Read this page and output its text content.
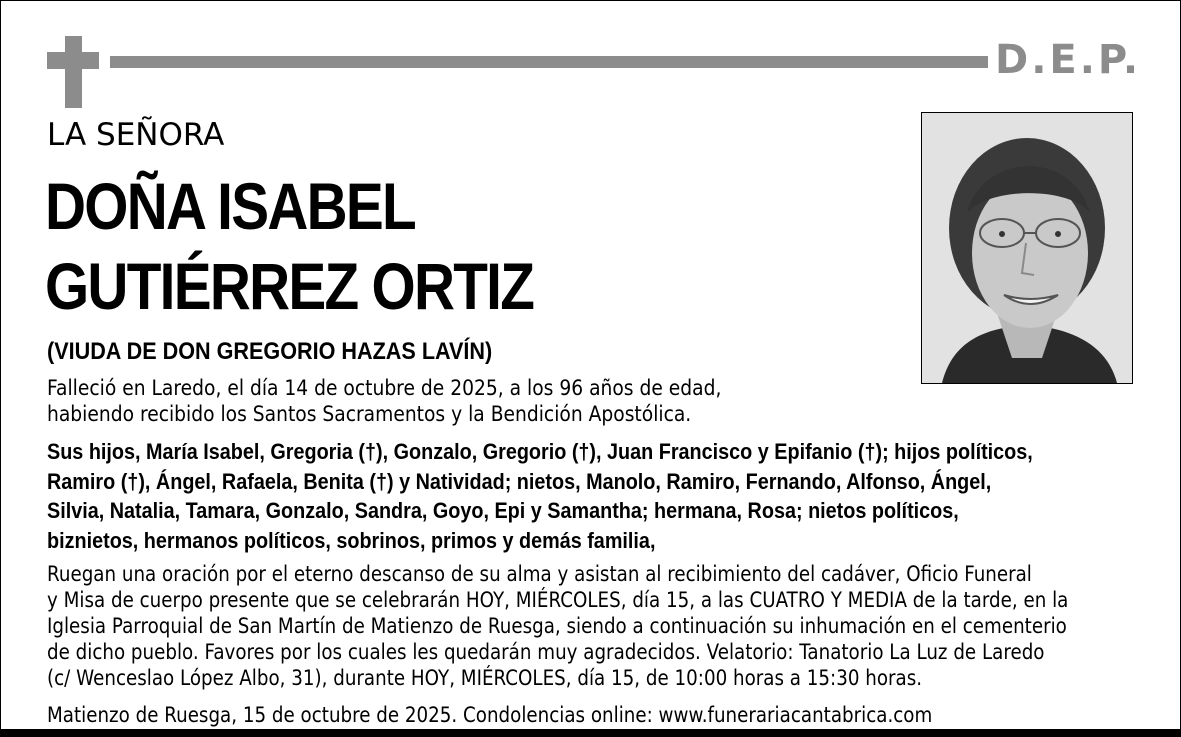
D.E.P.
LA SEÑORA
DOÑA ISABEL
GUTIÉRREZ ORTIZ
(VIUDA DE DON GREGORIO HAZAS LAVÍN)
Falleció en Laredo, el día 14 de octubre de 2025, a los 96 años de edad,
habiendo recibido los Santos Sacramentos y la Bendición Apostólica.
Sus hijos, María Isabel, Gregoria (†), Gonzalo, Gregorio (†), Juan Francisco y Epifanio (†); hijos políticos,
Ramiro (†), Ángel, Rafaela, Benita (†) y Natividad; nietos, Manolo, Ramiro, Fernando, Alfonso, Ángel,
Silvia, Natalia, Tamara, Gonzalo, Sandra, Goyo, Epi y Samantha; hermana, Rosa; nietos políticos,
biznietos, hermanos políticos, sobrinos, primos y demás familia,
Ruegan una oración por el eterno descanso de su alma y asistan al recibimiento del cadáver, Oficio Funeral
y Misa de cuerpo presente que se celebrarán HOY, MIÉRCOLES, día 15, a las CUATRO Y MEDIA de la tarde, en la
Iglesia Parroquial de San Martín de Matienzo de Ruesga, siendo a continuación su inhumación en el cementerio
de dicho pueblo. Favores por los cuales les quedarán muy agradecidos. Velatorio: Tanatorio La Luz de Laredo
(c/ Wenceslao López Albo, 31), durante HOY, MIÉRCOLES, día 15, de 10:00 horas a 15:30 horas.
Matienzo de Ruesga, 15 de octubre de 2025. Condolencias online: www.funerariacantabrica.com
